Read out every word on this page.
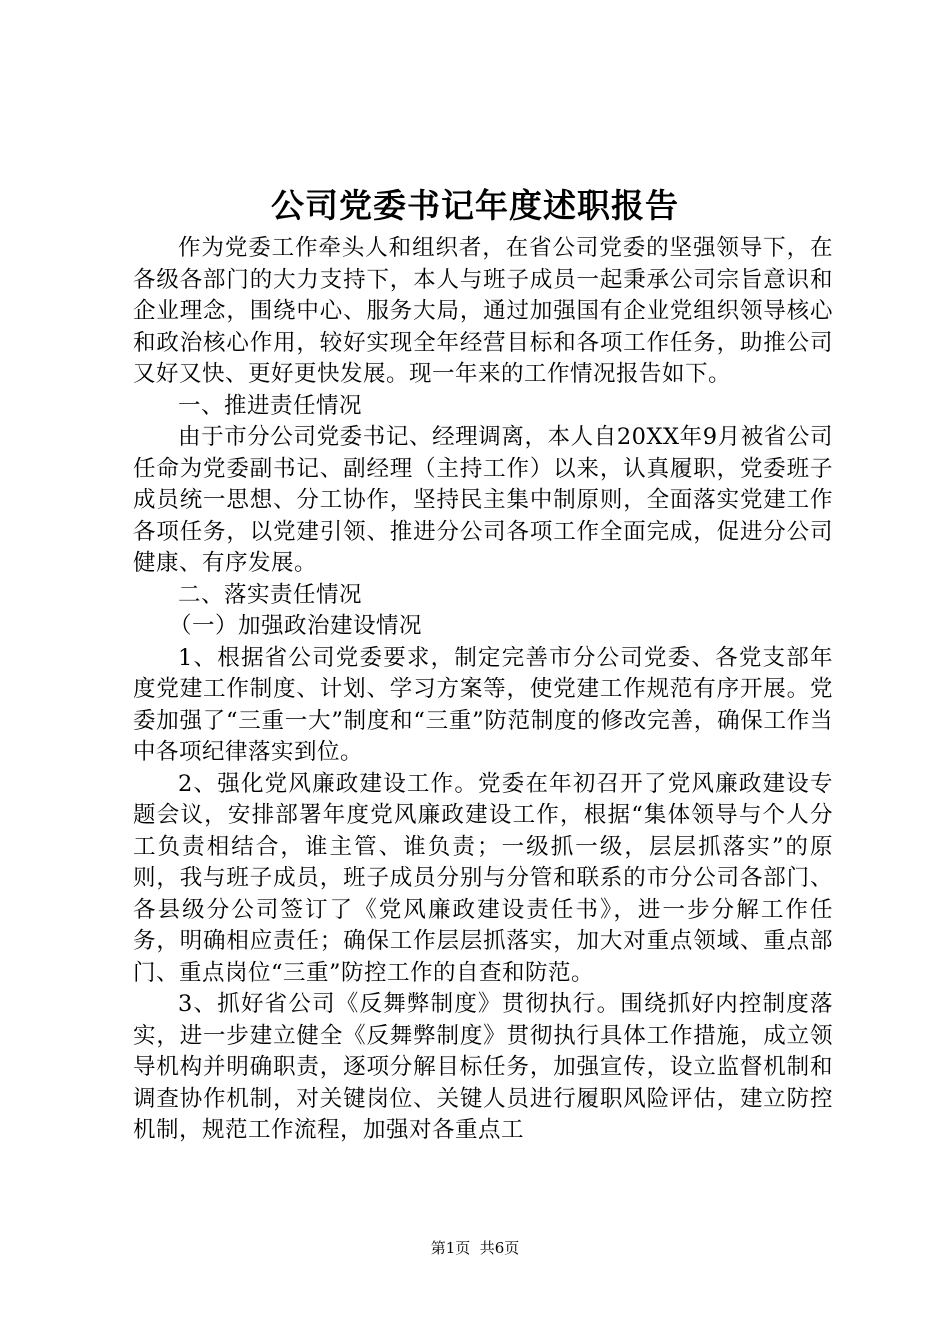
公司党委书记年度述职报告

作为党委工作牵头人和组织者，在省公司党委的坚强领导下，在各级各部门的大力支持下，本人与班子成员一起秉承公司宗旨意识和企业理念，围绕中心、服务大局，通过加强国有企业党组织领导核心和政治核心作用，较好实现全年经营目标和各项工作任务，助推公司又好又快、更好更快发展。现一年来的工作情况报告如下。

一、推进责任情况

由于市分公司党委书记、经理调离，本人自20XX年9月被省公司任命为党委副书记、副经理（主持工作）以来，认真履职，党委班子成员统一思想、分工协作，坚持民主集中制原则，全面落实党建工作各项任务，以党建引领、推进分公司各项工作全面完成，促进分公司健康、有序发展。

二、落实责任情况

（一）加强政治建设情况

1、根据省公司党委要求，制定完善市分公司党委、各党支部年度党建工作制度、计划、学习方案等，使党建工作规范有序开展。党委加强了“三重一大”制度和“三重”防范制度的修改完善，确保工作当中各项纪律落实到位。

2、强化党风廉政建设工作。党委在年初召开了党风廉政建设专题会议，安排部署年度党风廉政建设工作，根据“集体领导与个人分工负责相结合，谁主管、谁负责；一级抓一级，层层抓落实”的原则，我与班子成员，班子成员分别与分管和联系的市分公司各部门、各县级分公司签订了《党风廉政建设责任书》，进一步分解工作任务，明确相应责任；确保工作层层抓落实，加大对重点领域、重点部门、重点岗位“三重”防控工作的自查和防范。

3、抓好省公司《反舞弊制度》贯彻执行。围绕抓好内控制度落实，进一步建立健全《反舞弊制度》贯彻执行具体工作措施，成立领导机构并明确职责，逐项分解目标任务，加强宣传，设立监督机制和调查协作机制，对关键岗位、关键人员进行履职风险评估，建立防控机制，规范工作流程，加强对各重点工

第1页  共6页
